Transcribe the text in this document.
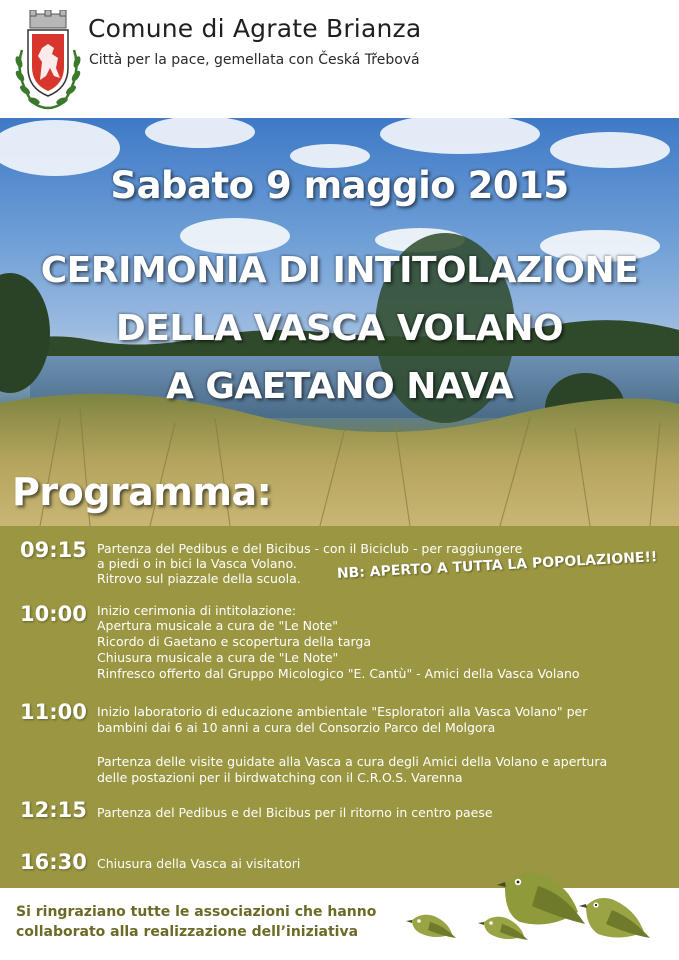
Comune di Agrate Brianza
Città per la pace, gemellata con Česká Třebová
Sabato 9 maggio 2015
CERIMONIA DI INTITOLAZIONE
DELLA VASCA VOLANO
A GAETANO NAVA
Programma:
09:15 Partenza del Pedibus e del Bicibus - con il Biciclub - per raggiungere
a piedi o in bici la Vasca Volano.
Ritrovo sul piazzale della scuola.	NB: APERTO A TUTTA LA POPOLAZIONE!!
10:00 Inizio cerimonia di intitolazione:
Apertura musicale a cura de "Le Note"
Ricordo di Gaetano e scopertura della targa
Chiusura musicale a cura de "Le Note"
Rinfresco offerto dal Gruppo Micologico "E. Cantù" - Amici della Vasca Volano
11:00 Inizio laboratorio di educazione ambientale "Esploratori alla Vasca Volano" per
bambini dai 6 ai 10 anni a cura del Consorzio Parco del Molgora
Partenza delle visite guidate alla Vasca a cura degli Amici della Volano e apertura
delle postazioni per il birdwatching con il C.R.O.S. Varenna
12:15 Partenza del Pedibus e del Bicibus per il ritorno in centro paese
16:30 Chiusura della Vasca ai visitatori
Si ringraziano tutte le associazioni che hanno
collaborato alla realizzazione dell’iniziativa
